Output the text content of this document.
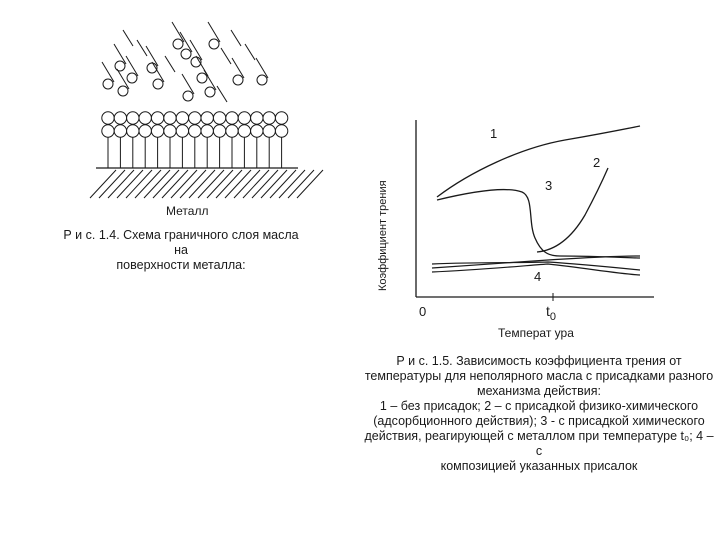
Металл	Коэффициент трения
1
2
3
4
0	$t_0$
Температ ура
Р и с. 1.4. Схема граничного слоя масла на
поверхности металла:
Р и с. 1.5. Зависимость коэффициента трения от
температуры для неполярного масла с присадками разного
механизма действия:
1 – без присадок; 2 – с присадкой физико-химического
(адсорбционного действия); 3 - с присадкой химического
действия, реагирующей с металлом при температуре t₀; 4 – с
композицией указанных присалок
